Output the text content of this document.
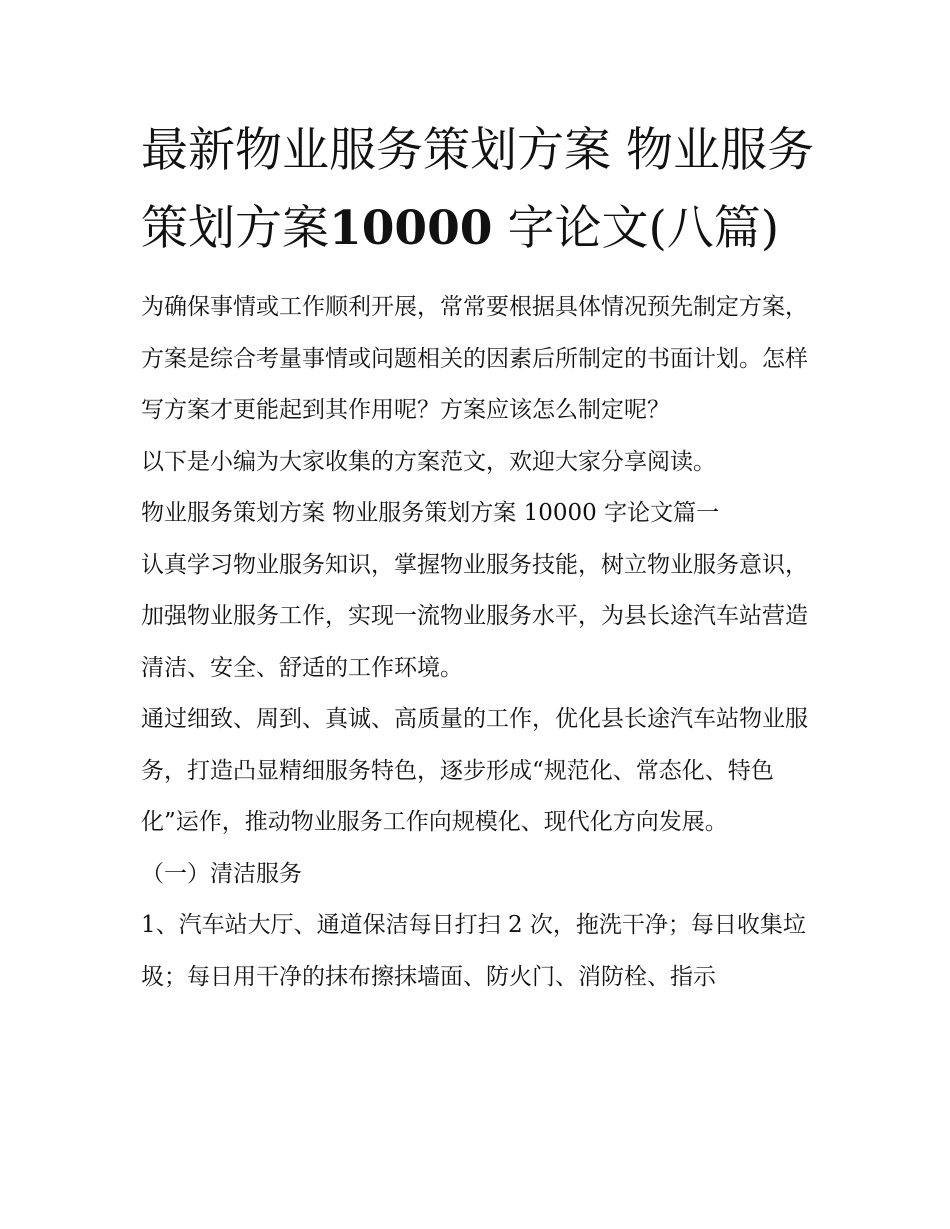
最新物业服务策划方案 物业服务策划方案10000 字论文(八篇)

为确保事情或工作顺利开展，常常要根据具体情况预先制定方案，方案是综合考量事情或问题相关的因素后所制定的书面计划。怎样写方案才更能起到其作用呢？方案应该怎么制定呢？

以下是小编为大家收集的方案范文，欢迎大家分享阅读。

物业服务策划方案 物业服务策划方案 10000 字论文篇一

认真学习物业服务知识，掌握物业服务技能，树立物业服务意识，加强物业服务工作，实现一流物业服务水平，为县长途汽车站营造清洁、安全、舒适的工作环境。

通过细致、周到、真诚、高质量的工作，优化县长途汽车站物业服务，打造凸显精细服务特色，逐步形成“规范化、常态化、特色化”运作，推动物业服务工作向规模化、现代化方向发展。

（一）清洁服务

1、汽车站大厅、通道保洁每日打扫 2 次，拖洗干净；每日收集垃圾；每日用干净的抹布擦抹墙面、防火门、消防栓、指示
